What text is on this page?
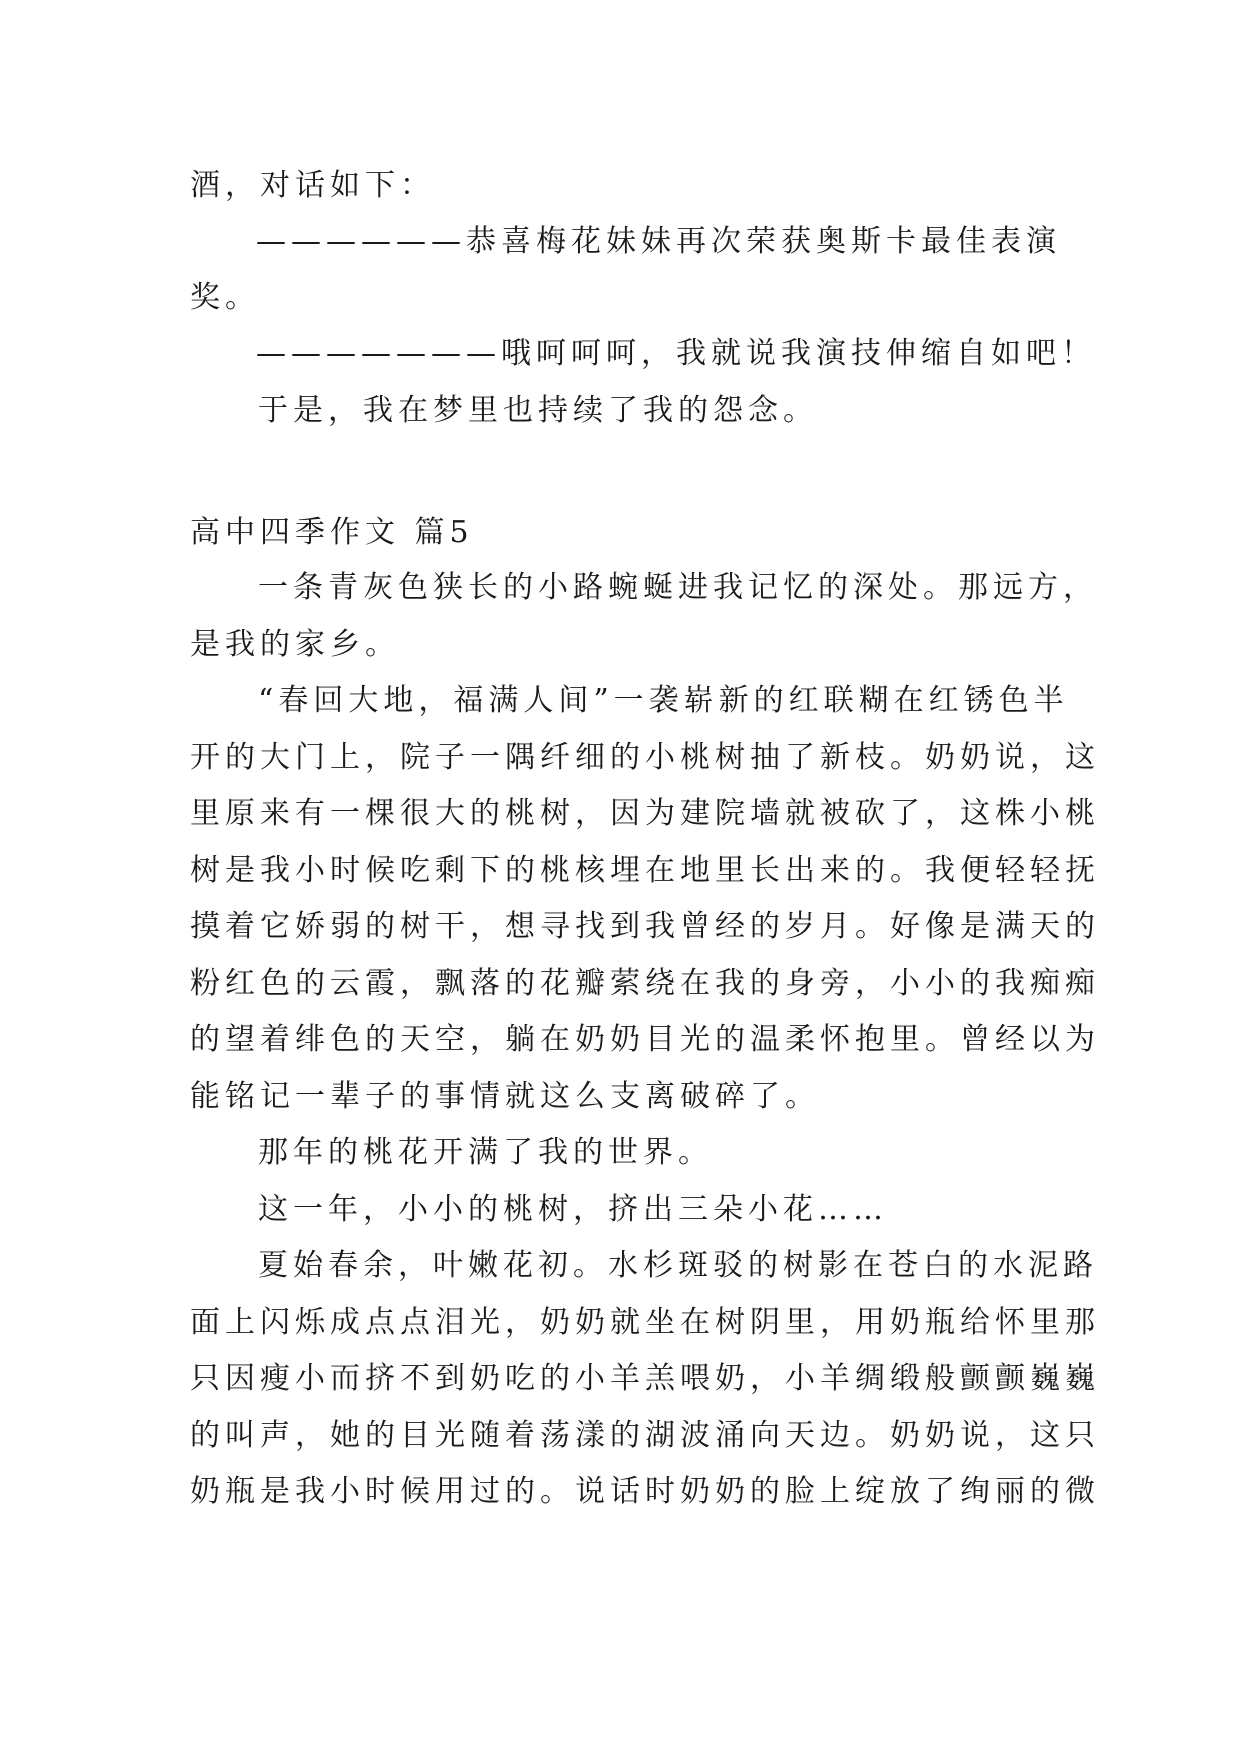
酒，对话如下：
——————恭喜梅花妹妹再次荣获奥斯卡最佳表演
奖。
———————哦呵呵呵，我就说我演技伸缩自如吧！
于是，我在梦里也持续了我的怨念。
高中四季作文 篇5
一条青灰色狭长的小路蜿蜒进我记忆的深处。那远方，
是我的家乡。
“春回大地，福满人间”一袭崭新的红联糊在红锈色半
开的大门上，院子一隅纤细的小桃树抽了新枝。奶奶说，这
里原来有一棵很大的桃树，因为建院墙就被砍了，这株小桃
树是我小时候吃剩下的桃核埋在地里长出来的。我便轻轻抚
摸着它娇弱的树干，想寻找到我曾经的岁月。好像是满天的
粉红色的云霞，飘落的花瓣萦绕在我的身旁，小小的我痴痴
的望着绯色的天空，躺在奶奶目光的温柔怀抱里。曾经以为
能铭记一辈子的事情就这么支离破碎了。
那年的桃花开满了我的世界。
这一年，小小的桃树，挤出三朵小花……
夏始春余，叶嫩花初。水杉斑驳的树影在苍白的水泥路
面上闪烁成点点泪光，奶奶就坐在树阴里，用奶瓶给怀里那
只因瘦小而挤不到奶吃的小羊羔喂奶，小羊绸缎般颤颤巍巍
的叫声，她的目光随着荡漾的湖波涌向天边。奶奶说，这只
奶瓶是我小时候用过的。说话时奶奶的脸上绽放了绚丽的微
